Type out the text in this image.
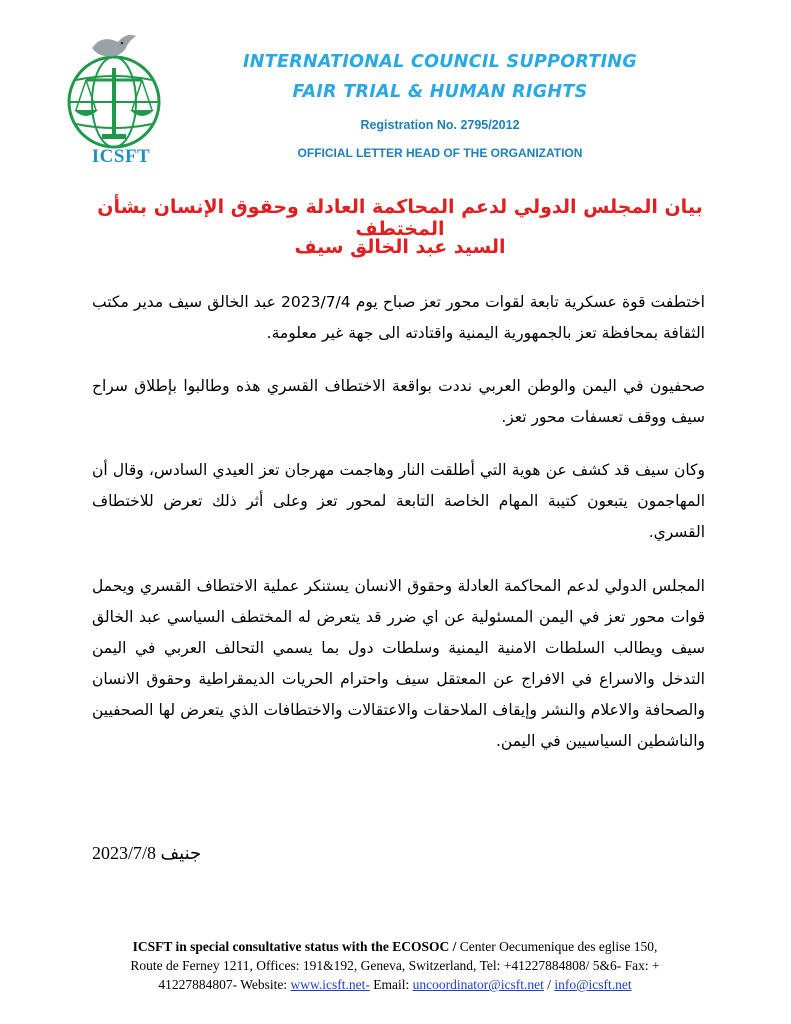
ICSFT
INTERNATIONAL COUNCIL SUPPORTING
FAIR TRIAL & HUMAN RIGHTS
Registration No. 2795/2012
OFFICIAL LETTER HEAD OF THE ORGANIZATION
بيان المجلس الدولي لدعم المحاكمة العادلة وحقوق الإنسان بشأن المختطف
السيد عبد الخالق سيف
اختطفت قوة عسكرية تابعة لقوات محور تعز صباح يوم 2023/7/4 عبد الخالق سيف مدير مكتب الثقافة بمحافظة تعز بالجمهورية اليمنية واقتادته الى جهة غير معلومة.
صحفيون في اليمن والوطن العربي نددت بواقعة الاختطاف القسري هذه وطالبوا بإطلاق سراح سيف ووقف تعسفات محور تعز.
وكان سيف قد كشف عن هوية التي أطلقت النار وهاجمت مهرجان تعز العيدي السادس، وقال أن المهاجمون يتبعون كتيبة المهام الخاصة التابعة لمحور تعز وعلى أثر ذلك تعرض للاختطاف القسري.
المجلس الدولي لدعم المحاكمة العادلة وحقوق الانسان يستنكر عملية الاختطاف القسري ويحمل قوات محور تعز في اليمن المسئولية عن اي ضرر قد يتعرض له المختطف السياسي عبد الخالق سيف ويطالب السلطات الامنية اليمنية وسلطات دول بما يسمي التحالف العربي في اليمن التدخل والاسراع في الافراج عن المعتقل سيف واحترام الحريات الديمقراطية وحقوق الانسان والصحافة والاعلام والنشر وإيقاف الملاحقات والاعتقالات والاختطافات الذي يتعرض لها الصحفيين والناشطين السياسيين في اليمن.
جنيف 2023/7/8
ICSFT in special consultative status with the ECOSOC / Center Oecumenique des eglise 150,
Route de Ferney 1211, Offices: 191&192, Geneva, Switzerland, Tel: +41227884808/ 5&6- Fax: +
41227884807- Website: www.icsft.net- Email: uncoordinator@icsft.net / info@icsft.net
